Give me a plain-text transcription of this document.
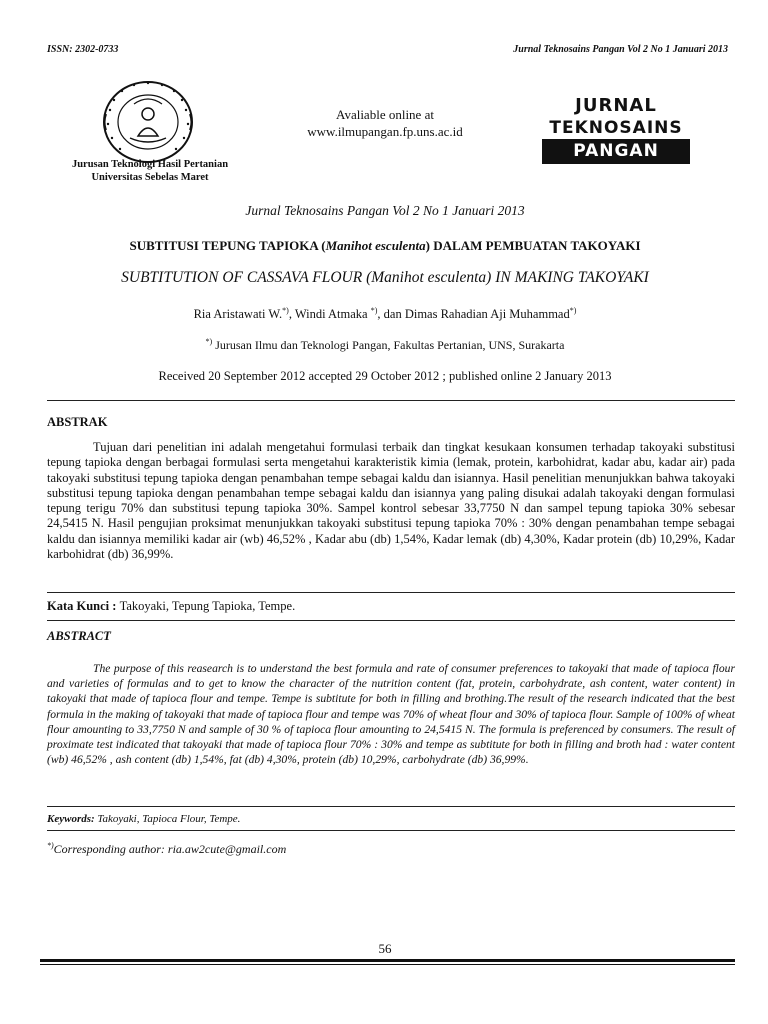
ISSN: 2302-0733	Jurnal Teknosains Pangan Vol 2 No 1 Januari 2013
Jurusan Teknologi Hasil Pertanian
Universitas Sebelas Maret
Avaliable online at
www.ilmupangan.fp.uns.ac.id
JURNAL
TEKNOSAINS
PANGAN
Jurnal Teknosains Pangan Vol 2 No 1 Januari 2013
SUBTITUSI TEPUNG TAPIOKA (Manihot esculenta) DALAM PEMBUATAN TAKOYAKI
SUBTITUTION OF CASSAVA FLOUR (Manihot esculenta) IN MAKING TAKOYAKI
Ria Aristawati W.*), Windi Atmaka *), dan Dimas Rahadian Aji Muhammad*)
*) Jurusan Ilmu dan Teknologi Pangan, Fakultas Pertanian, UNS, Surakarta
Received 20 September 2012 accepted 29 October 2012 ; published online 2 January 2013
ABSTRAK
Tujuan dari penelitian ini adalah mengetahui formulasi terbaik dan tingkat kesukaan konsumen terhadap takoyaki substitusi tepung tapioka dengan berbagai formulasi serta mengetahui karakteristik kimia (lemak, protein, karbohidrat, kadar abu, kadar air) pada takoyaki substitusi tepung tapioka dengan penambahan tempe sebagai kaldu dan isiannya. Hasil penelitian menunjukkan bahwa takoyaki substitusi tepung tapioka dengan penambahan tempe sebagai kaldu dan isiannya yang paling disukai adalah takoyaki dengan formulasi tepung terigu 70% dan substitusi tepung tapioka 30%. Sampel kontrol sebesar 33,7750 N dan sampel tepung tapioka 30% sebesar 24,5415 N. Hasil pengujian proksimat menunjukkan takoyaki substitusi tepung tapioka 70% : 30% dengan penambahan tempe sebagai kaldu dan isiannya memiliki kadar air (wb) 46,52% , Kadar abu (db) 1,54%, Kadar lemak (db) 4,30%, Kadar protein (db) 10,29%, Kadar karbohidrat (db) 36,99%.
Kata Kunci : Takoyaki, Tepung Tapioka, Tempe.
ABSTRACT
The purpose of this reasearch is to understand the best formula and rate of consumer preferences to takoyaki that made of tapioca flour and varieties of formulas and to get to know the character of the nutrition content (fat, protein, carbohydrate, ash content, water content) in takoyaki that made of tapioca flour and tempe. Tempe is subtitute for both in filling and brothing.The result of the research indicated that the best formula in the making of takoyaki that made of tapioca flour and tempe was 70% of wheat flour and 30% of tapioca flour. Sample of 100% of wheat flour amounting to 33,7750 N and sample of 30 % of tapioca flour amounting to 24,5415 N. The formula is preferenced by consumers. The result of proximate test indicated that takoyaki that made of tapioca flour 70% : 30% and tempe as subtitute for both in filling and broth had : water content (wb) 46,52% , ash content (db) 1,54%, fat (db) 4,30%, protein (db) 10,29%, carbohydrate (db) 36,99%.
Keywords: Takoyaki, Tapioca Flour, Tempe.
*)Corresponding author: ria.aw2cute@gmail.com
56
